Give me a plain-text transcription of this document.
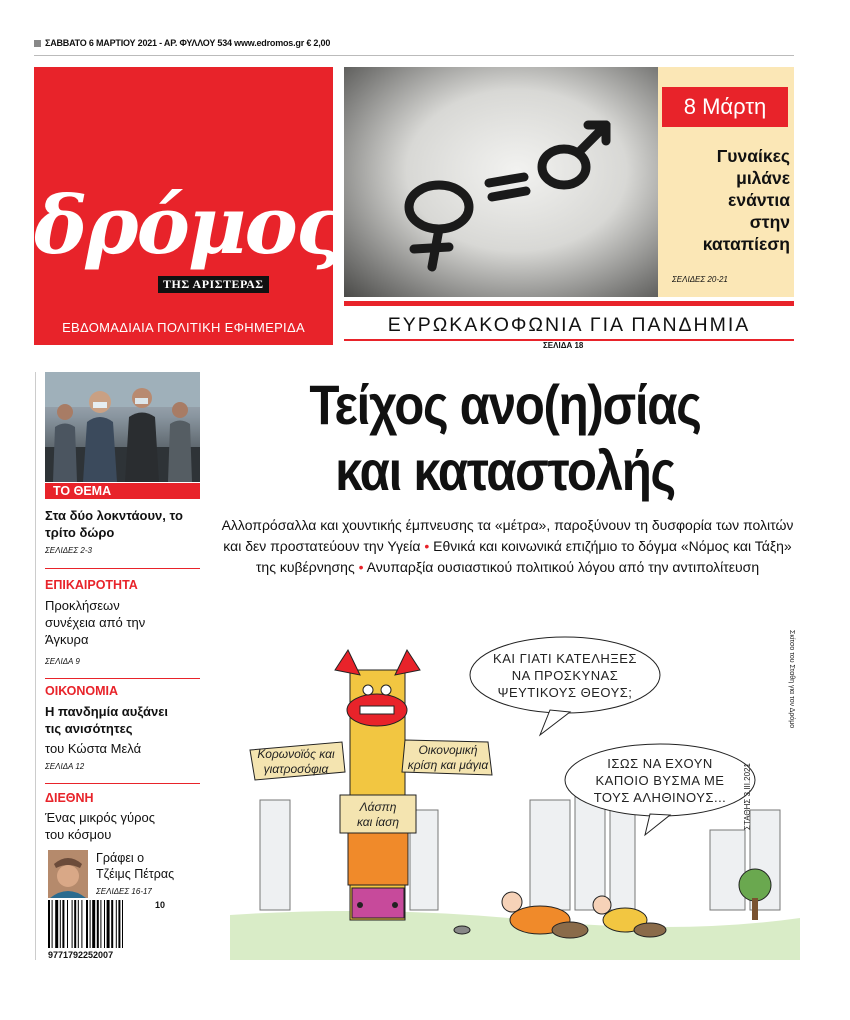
ΣΑΒΒΑΤΟ 6 ΜΑΡΤΙΟΥ 2021 - ΑΡ. ΦΥΛΛΟΥ 534 www.edromos.gr € 2,00
δρόμος
ΤΗΣ ΑΡΙΣΤΕΡΑΣ
ΕΒΔΟΜΑΔΙΑΙΑ ΠΟΛΙΤΙΚΗ ΕΦΗΜΕΡΙΔΑ
8 Μάρτη
Γυναίκες
μιλάνε
ενάντια
στην
καταπίεση
ΣΕΛΙΔΕΣ 20-21
ΕΥΡΩΚΑΚΟΦΩΝΙΑ ΓΙΑ ΠΑΝΔΗΜΙΑ
ΣΕΛΙΔΑ 18
ΤΟ ΘΕΜΑ
Στα δύο λοκντάουν, το τρίτο δώρο
ΣΕΛΙΔΕΣ 2-3
ΕΠΙΚΑΙΡΟΤΗΤΑ
Προκλήσεων συνέχεια από την Άγκυρα
ΣΕΛΙΔΑ 9
ΟΙΚΟΝΟΜΙΑ
Η πανδημία αυξάνει τις ανισότητες
του Κώστα Μελά
ΣΕΛΙΔΑ 12
ΔΙΕΘΝΗ
Ένας μικρός γύρος του κόσμου
Γράφει ο
Τζέιμς Πέτρας
ΣΕΛΙΔΕΣ 16-17
Τείχος ανο(η)σίας
και καταστολής
Αλλοπρόσαλλα και χουντικής έμπνευσης τα «μέτρα», παροξύνουν τη δυσφορία των πολιτών και δεν προστατεύουν την Υγεία • Εθνικά και κοινωνικά επιζήμιο το δόγμα «Νόμος και Τάξη» της κυβέρνησης • Ανυπαρξία ουσιαστικού πολιτικού λόγου από την αντιπολίτευση
Κορωνοϊός και
γιατροσόφια
Οικονομική
κρίση και μάγια
Λάσπη
και ίαση
ΚΑΙ ΓΙΑΤΙ ΚΑΤΕΛΗΞΕΣ
ΝΑ ΠΡΟΣΚΥΝΑΣ
ΨΕΥΤΙΚΟΥΣ ΘΕΟΥΣ;
ΙΣΩΣ ΝΑ ΕΧΟΥΝ
ΚΑΠΟΙΟ ΒΥΣΜΑ ΜΕ
ΤΟΥΣ ΑΛΗΘΙΝΟΥΣ...
Σκίτσο του Σταθη για τον Δρόμο
ΣΤΑΘΗΣ 3.III.2021
9771792252007
10
